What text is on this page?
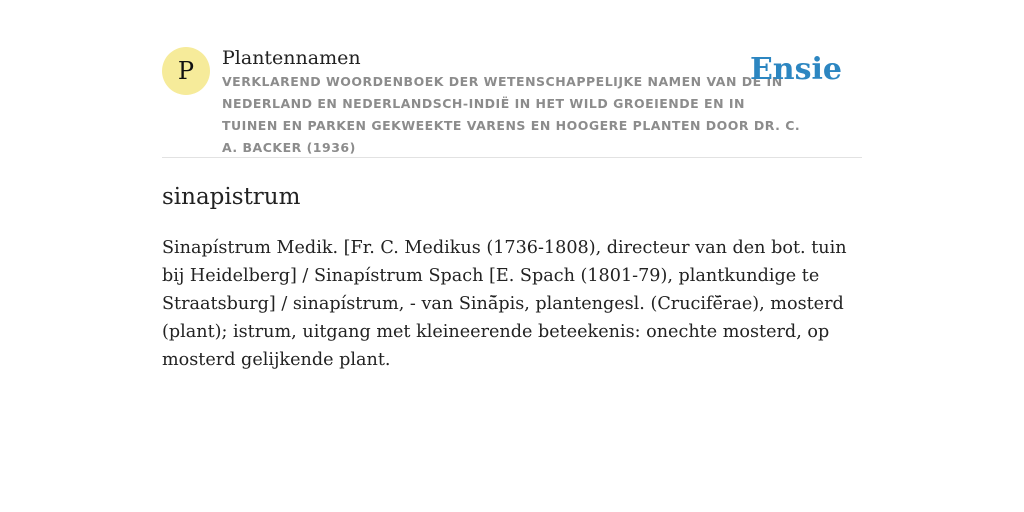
P Plantennamen
VERKLAREND WOORDENBOEK DER WETENSCHAPPELIJKE NAMEN VAN DE IN NEDERLAND EN NEDERLANDSCH-INDIË IN HET WILD GROEIENDE EN IN TUINEN EN PARKEN GEKWEEKTE VARENS EN HOOGERE PLANTEN DOOR DR. C. A. BACKER (1936)
Ensie
sinapistrum
Sinapístrum Medik. [Fr. C. Medikus (1736-1808), directeur van den bot. tuin bij Heidelberg] / Sinapístrum Spach [E. Spach (1801-79), plantkundige te Straatsburg] / sinapístrum, - van Sinā̆pis, plantengesl. (Crucifĕ̄rae), mosterd (plant); istrum, uitgang met kleineerende beteekenis: onechte mosterd, op mosterd gelijkende plant.
